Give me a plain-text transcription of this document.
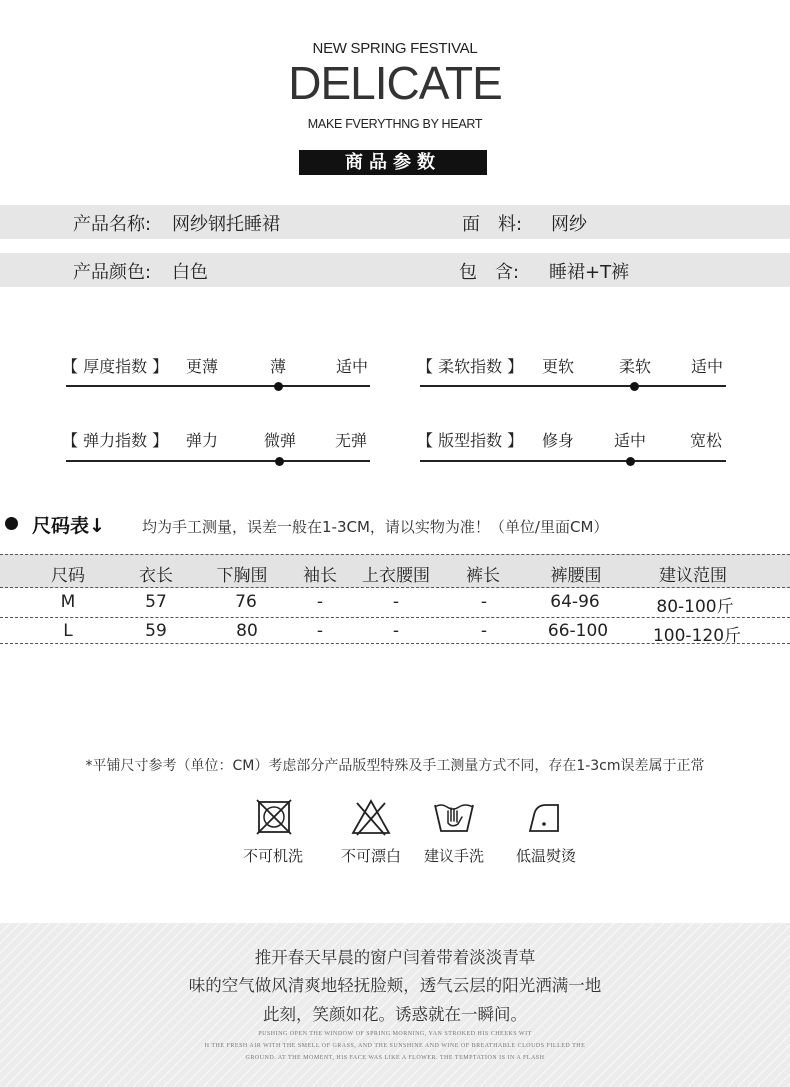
NEW SPRING FESTIVAL
DELICATE
MAKE FVERYTHNG BY HEART
商品参数
产品名称: 网纱钢托睡裙	面　料: 网纱
产品颜色: 白色	包　含: 睡裙+T裤
【 厚度指数 】 更薄	薄	适中	【 柔软指数 】 更软	柔软 适中
【 弹力指数 】 弹力	微弹 无弹	【 版型指数 】 修身 适中	宽松
尺码表↓ 均为手工测量，误差一般在1-3CM，请以实物为准！（单位/里面CM）
尺码	衣长	下胸围 袖长 上衣腰围 裤长	裤腰围	建议范围
M	57	76	-	-	-	64-96	80-100斤
L	59	80	-	-	-	66-100	100-120斤
*平铺尺寸参考（单位：CM）考虑部分产品版型特殊及手工测量方式不同，存在1-3cm误差属于正常
不可机洗	不可漂白 建议手洗 低温熨烫
推开春天早晨的窗户闫着带着淡淡青草
味的空气做风清爽地轻抚脸颊，透气云层的阳光洒满一地
此刻，笑颜如花。诱惑就在一瞬间。
PUSHING OPEN THE WINDOW OF SPRING MORNING, YAN STROKED HIS CHEEKS WIT
H THE FRESH AIR WITH THE SMELL OF GRASS, AND THE SUNSHINE AND WINE OF BREATHABLE CLOUDS FILLED THE
GROUND. AT THE MOMENT, HIS FACE WAS LIKE A FLOWER. THE TEMPTATION IS IN A FLASH
